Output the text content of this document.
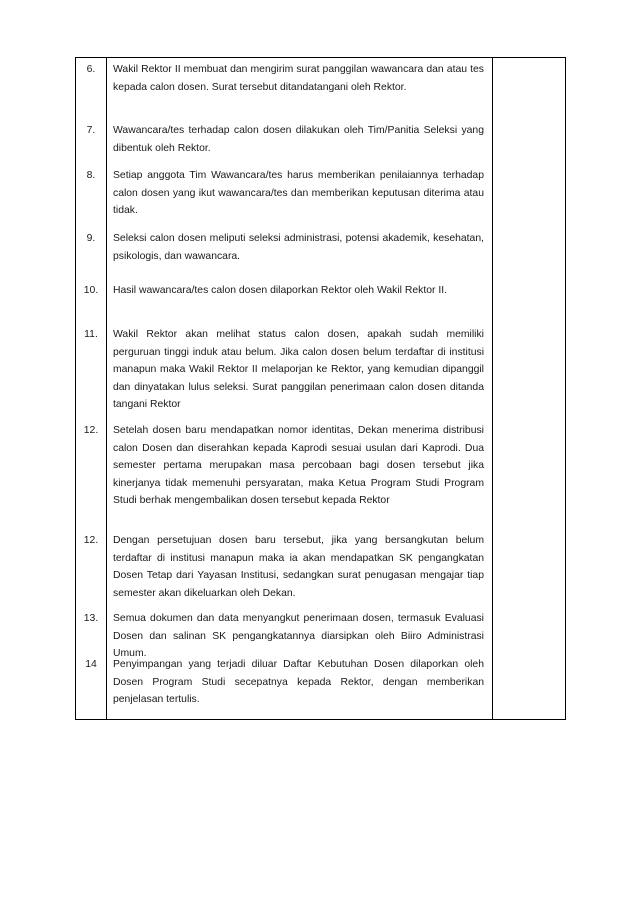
6.	Wakil Rektor II membuat dan mengirim surat panggilan wawancara dan atau tes kepada calon dosen. Surat tersebut ditandatangani oleh Rektor.
7.	Wawancara/tes terhadap calon dosen dilakukan oleh Tim/Panitia Seleksi yang dibentuk oleh Rektor.
8.	Setiap anggota Tim Wawancara/tes harus memberikan penilaiannya terhadap calon dosen yang ikut wawancara/tes dan memberikan keputusan diterima atau tidak.
9.	Seleksi calon dosen meliputi seleksi administrasi, potensi akademik, kesehatan, psikologis, dan wawancara.
10.	Hasil wawancara/tes calon dosen dilaporkan Rektor oleh Wakil Rektor II.
11.	Wakil Rektor akan melihat status calon dosen, apakah sudah memiliki perguruan tinggi induk atau belum. Jika calon dosen belum terdaftar di institusi manapun maka Wakil Rektor II melaporjan ke Rektor, yang kemudian dipanggil dan dinyatakan lulus seleksi. Surat panggilan penerimaan calon dosen ditanda tangani Rektor
12.	Setelah dosen baru mendapatkan nomor identitas, Dekan menerima distribusi calon Dosen dan diserahkan kepada Kaprodi sesuai usulan dari Kaprodi. Dua semester pertama merupakan masa percobaan bagi dosen tersebut jika kinerjanya tidak memenuhi persyaratan, maka Ketua Program Studi Program Studi berhak mengembalikan dosen tersebut kepada Rektor
12.	Dengan persetujuan dosen baru tersebut, jika yang bersangkutan belum terdaftar di institusi manapun maka ia akan mendapatkan SK pengangkatan Dosen Tetap dari Yayasan Institusi, sedangkan surat penugasan mengajar tiap semester akan dikeluarkan oleh Dekan.
13.	Semua dokumen dan data menyangkut penerimaan dosen, termasuk Evaluasi Dosen dan salinan SK pengangkatannya diarsipkan oleh Biiro Administrasi Umum.
14	Penyimpangan yang terjadi diluar Daftar Kebutuhan Dosen dilaporkan oleh Dosen Program Studi secepatnya kepada Rektor, dengan memberikan penjelasan tertulis.
